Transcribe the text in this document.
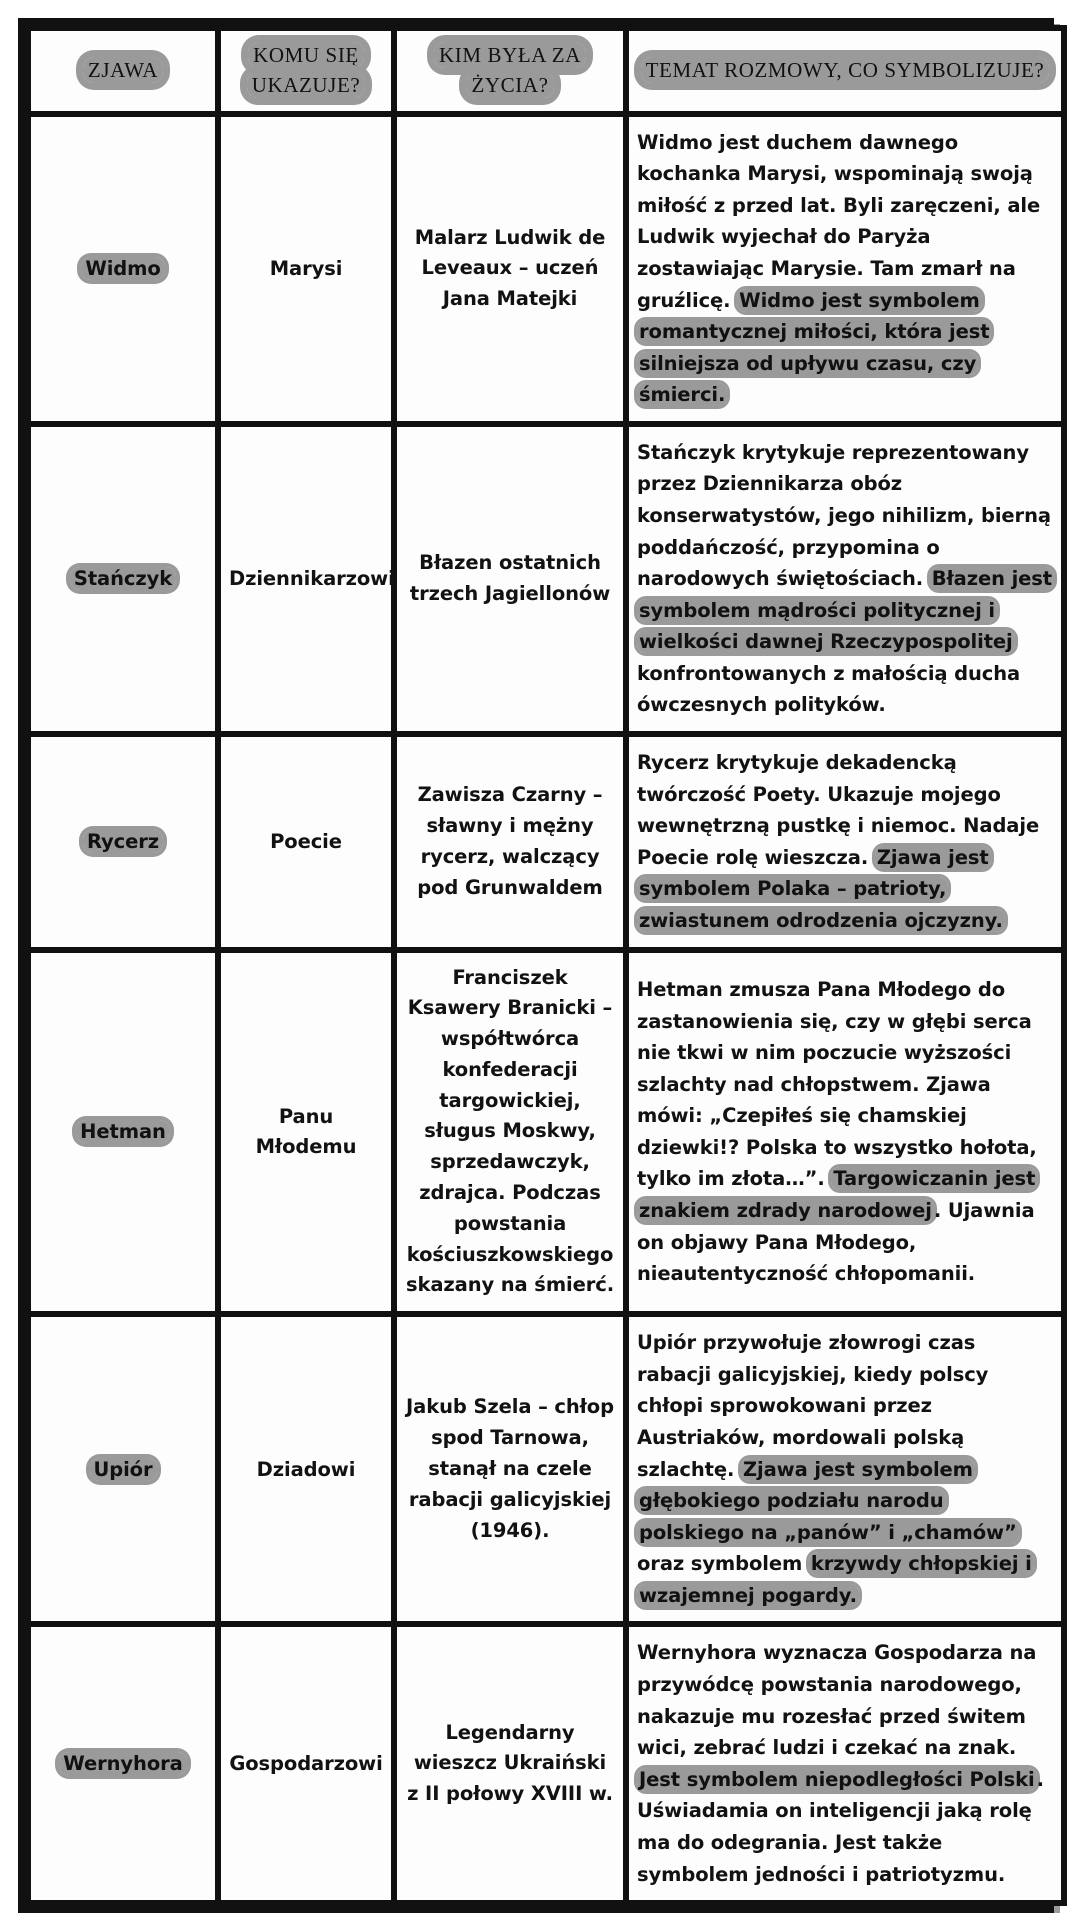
ZJAWA	KOMU SIĘ UKAZUJE?	KIM BYŁA ZA ŻYCIA?	TEMAT ROZMOWY, CO SYMBOLIZUJE?
Widmo	Marysi	Malarz Ludwik de Leveaux – uczeń Jana Matejki	Widmo jest duchem dawnego kochanka Marysi, wspominają swoją miłość z przed lat. Byli zaręczeni, ale Ludwik wyjechał do Paryża zostawiając Marysie. Tam zmarł na gruźlicę. Widmo jest symbolem romantycznej miłości, która jest silniejsza od upływu czasu, czy śmierci.
Stańczyk	Dziennikarzowi	Błazen ostatnich trzech Jagiellonów	Stańczyk krytykuje reprezentowany przez Dziennikarza obóz konserwatystów, jego nihilizm, bierną poddańczość, przypomina o narodowych świętościach. Błazen jest symbolem mądrości politycznej i wielkości dawnej Rzeczypospolitej konfrontowanych z małością ducha ówczesnych polityków.
Rycerz	Poecie	Zawisza Czarny – sławny i mężny rycerz, walczący pod Grunwaldem	Rycerz krytykuje dekadencką twórczość Poety. Ukazuje mojego wewnętrzną pustkę i niemoc. Nadaje Poecie rolę wieszcza. Zjawa jest symbolem Polaka – patrioty, zwiastunem odrodzenia ojczyzny.
Hetman	Panu Młodemu	Franciszek Ksawery Branicki – współtwórca konfederacji targowickiej, sługus Moskwy, sprzedawczyk, zdrajca. Podczas powstania kościuszkowskiego skazany na śmierć.	Hetman zmusza Pana Młodego do zastanowienia się, czy w głębi serca nie tkwi w nim poczucie wyższości szlachty nad chłopstwem. Zjawa mówi: „Czepiłeś się chamskiej dziewki!? Polska to wszystko hołota, tylko im złota…”. Targowiczanin jest znakiem zdrady narodowej . Ujawnia on objawy Pana Młodego, nieautentyczność chłopomanii.
Upiór	Dziadowi	Jakub Szela – chłop spod Tarnowa, stanął na czele rabacji galicyjskiej (1946).	Upiór przywołuje złowrogi czas rabacji galicyjskiej, kiedy polscy chłopi sprowokowani przez Austriaków, mordowali polską szlachtę. Zjawa jest symbolem głębokiego podziału narodu polskiego na „panów” i „chamów” oraz symbolem krzywdy chłopskiej i wzajemnej pogardy.
Wernyhora	Gospodarzowi	Legendarny wieszcz Ukraiński z II połowy XVIII w.	Wernyhora wyznacza Gospodarza na przywódcę powstania narodowego, nakazuje mu rozesłać przed świtem wici, zebrać ludzi i czekać na znak. Jest symbolem niepodległości Polski . Uświadamia on inteligencji jaką rolę ma do odegrania. Jest także symbolem jedności i patriotyzmu.
